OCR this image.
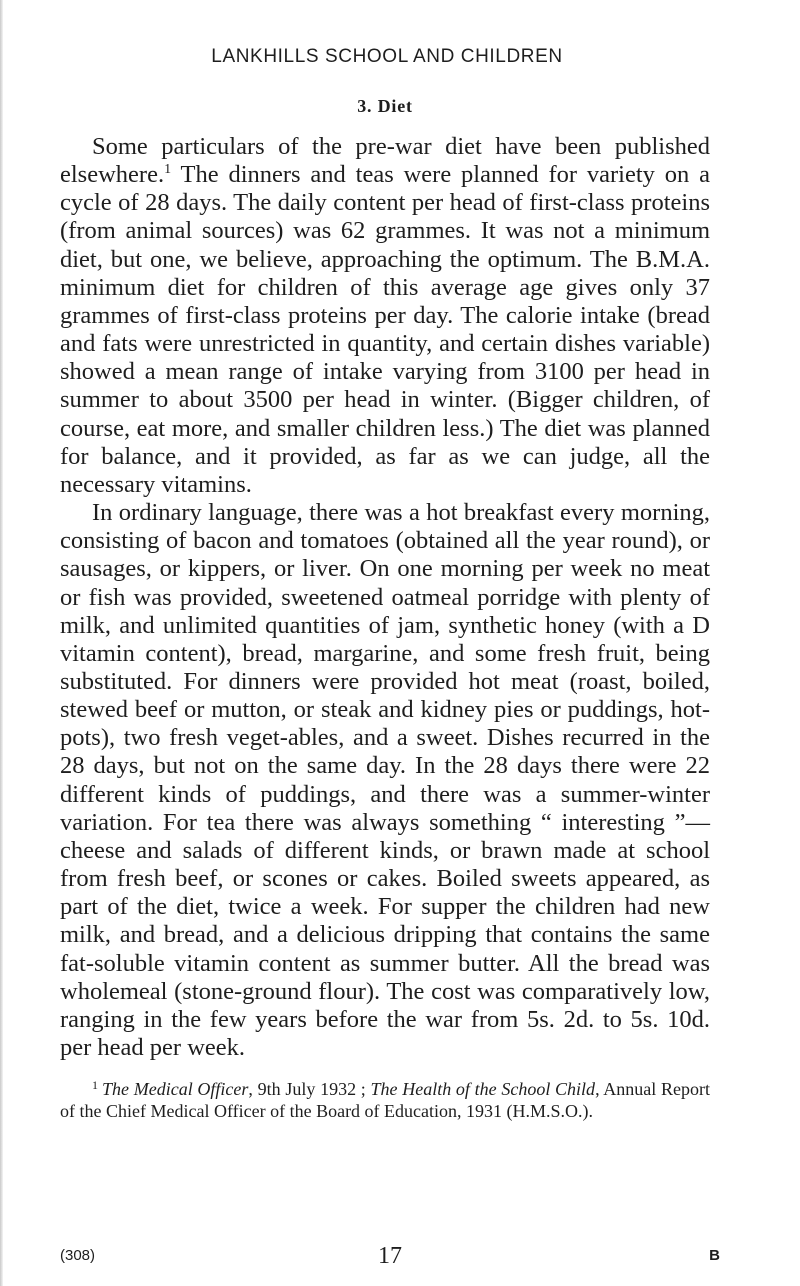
LANKHILLS SCHOOL AND CHILDREN
3. Diet

Some particulars of the pre-war diet have been published elsewhere.$^1$ The dinners and teas were planned for variety on a cycle of 28 days. The daily content per head of first-class proteins (from animal sources) was 62 grammes. It was not a minimum diet, but one, we believe, approaching the optimum. The B.M.A. minimum diet for children of this average age gives only 37 grammes of first-class proteins per day. The calorie intake (bread and fats were unrestricted in quantity, and certain dishes variable) showed a mean range of intake varying from 3100 per head in summer to about 3500 per head in winter. (Bigger children, of course, eat more, and smaller children less.) The diet was planned for balance, and it provided, as far as we can judge, all the necessary vitamins.

In ordinary language, there was a hot breakfast every morning, consisting of bacon and tomatoes (obtained all the year round), or sausages, or kippers, or liver. On one morning per week no meat or fish was provided, sweetened oatmeal porridge with plenty of milk, and unlimited quantities of jam, synthetic honey (with a D vitamin content), bread, margarine, and some fresh fruit, being substituted. For dinners were provided hot meat (roast, boiled, stewed beef or mutton, or steak and kidney pies or puddings, hot-pots), two fresh veget-ables, and a sweet. Dishes recurred in the 28 days, but not on the same day. In the 28 days there were 22 different kinds of puddings, and there was a summer-winter variation. For tea there was always something “ interesting ”—cheese and salads of different kinds, or brawn made at school from fresh beef, or scones or cakes. Boiled sweets appeared, as part of the diet, twice a week. For supper the children had new milk, and bread, and a delicious dripping that contains the same fat-soluble vitamin content as summer butter. All the bread was wholemeal (stone-ground flour). The cost was comparatively low, ranging in the few years before the war from 5s. 2d. to 5s. 10d. per head per week.

$^1$ The Medical Officer, 9th July 1932 ; The Health of the School Child, Annual Report of the Chief Medical Officer of the Board of Education, 1931 (H.M.S.O.).

(308)	17	B
